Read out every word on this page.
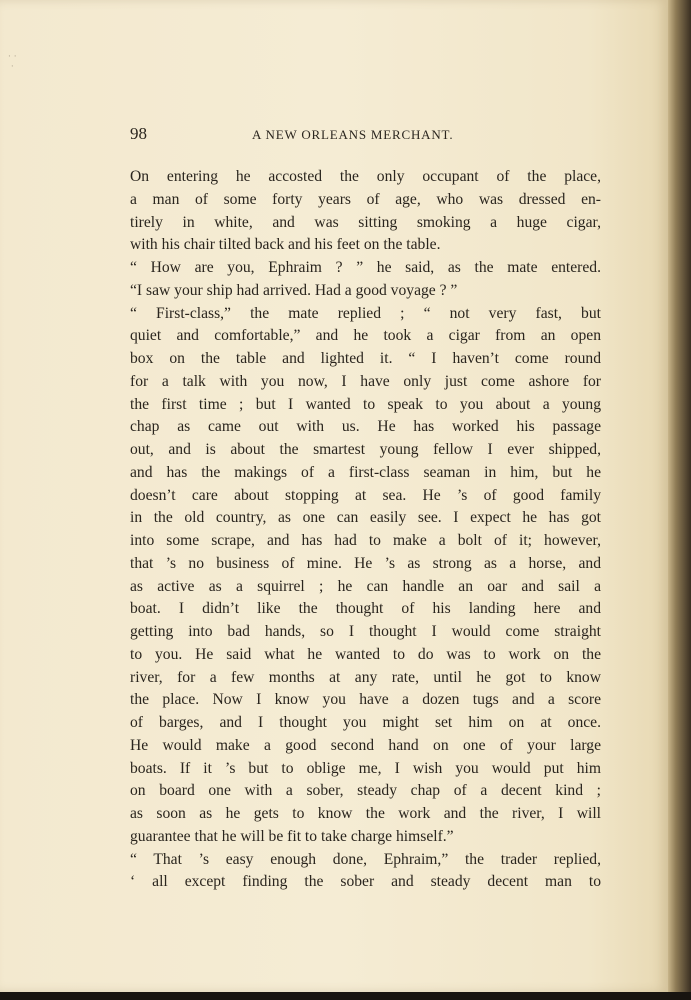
· ·
·
98	A NEW ORLEANS MERCHANT.
On entering he accosted the only occupant of the place,
a man of some forty years of age, who was dressed en-
tirely in white, and was sitting smoking a huge cigar,
with his chair tilted back and his feet on the table.
“ How are you, Ephraim ? ” he said, as the mate entered.
“I saw your ship had arrived. Had a good voyage ? ”
“ First-class,” the mate replied ; “ not very fast, but
quiet and comfortable,” and he took a cigar from an open
box on the table and lighted it. “ I haven’t come round
for a talk with you now, I have only just come ashore for
the first time ; but I wanted to speak to you about a young
chap as came out with us. He has worked his passage
out, and is about the smartest young fellow I ever shipped,
and has the makings of a first-class seaman in him, but he
doesn’t care about stopping at sea. He ’s of good family
in the old country, as one can easily see. I expect he has got
into some scrape, and has had to make a bolt of it; however,
that ’s no business of mine. He ’s as strong as a horse, and
as active as a squirrel ; he can handle an oar and sail a
boat. I didn’t like the thought of his landing here and
getting into bad hands, so I thought I would come straight
to you. He said what he wanted to do was to work on the
river, for a few months at any rate, until he got to know
the place. Now I know you have a dozen tugs and a score
of barges, and I thought you might set him on at once.
He would make a good second hand on one of your large
boats. If it ’s but to oblige me, I wish you would put him
on board one with a sober, steady chap of a decent kind ;
as soon as he gets to know the work and the river, I will
guarantee that he will be fit to take charge himself.”
“ That ’s easy enough done, Ephraim,” the trader replied,
‘ all except finding the sober and steady decent man to
